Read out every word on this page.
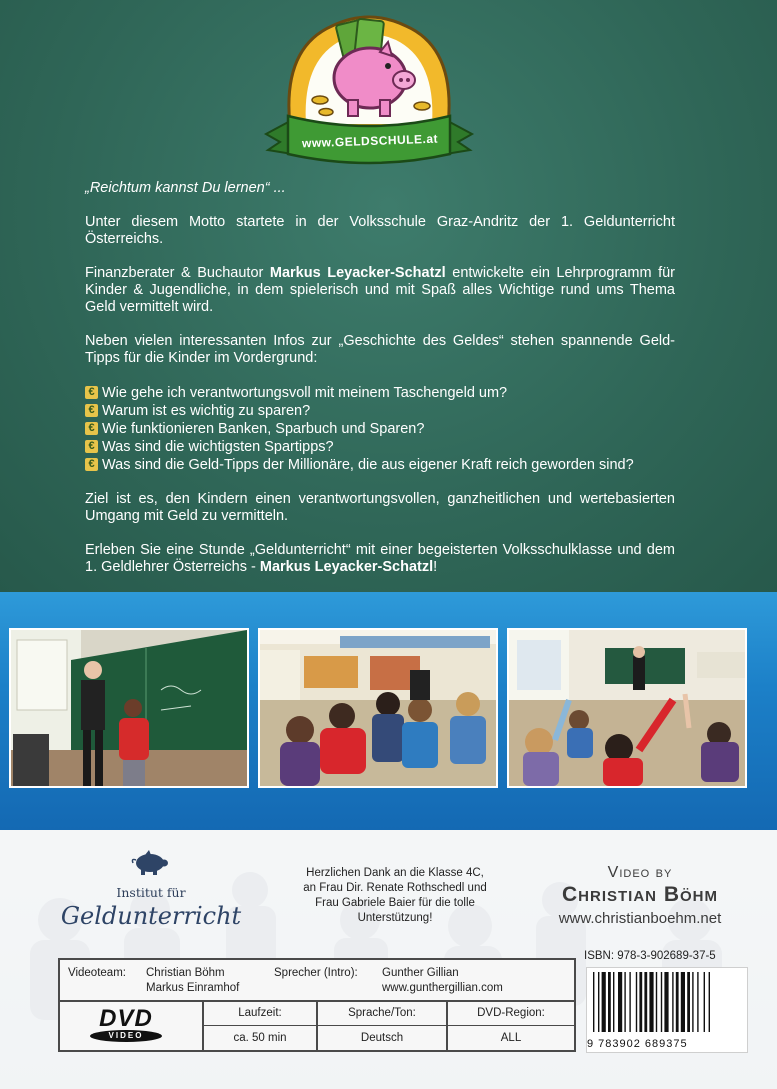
www.GELDSCHULE.at

„Reichtum kannst Du lernen“ ...

Unter diesem Motto startete in der Volksschule Graz-Andritz der 1. Geldunterricht Österreichs.

Finanzberater & Buchautor Markus Leyacker-Schatzl entwickelte ein Lehrprogramm für Kinder & Jugendliche, in dem spielerisch und mit Spaß alles Wichtige rund ums Thema Geld vermittelt wird.

Neben vielen interessanten Infos zur „Geschichte des Geldes“ stehen spannende Geld-Tipps für die Kinder im Vordergrund:

€ Wie gehe ich verantwortungsvoll mit meinem Taschengeld um?
€ Warum ist es wichtig zu sparen?
€ Wie funktionieren Banken, Sparbuch und Sparen?
€ Was sind die wichtigsten Spartipps?
€ Was sind die Geld-Tipps der Millionäre, die aus eigener Kraft reich geworden sind?

Ziel ist es, den Kindern einen verantwortungsvollen, ganzheitlichen und wertebasierten Umgang mit Geld zu vermitteln.

Erleben Sie eine Stunde „Geldunterricht“ mit einer begeisterten Volksschulklasse und dem 1. Geldlehrer Österreichs - Markus Leyacker-Schatzl!

Institut für
Geldunterricht
Herzlichen Dank an die Klasse 4C,
an Frau Dir. Renate Rothschedl und
Frau Gabriele Baier für die tolle
Unterstützung!
Video by
Christian Böhm
www.christianboehm.net
Videoteam: Christian Böhm
Markus Einramhof
Sprecher (Intro): Gunther Gillian
www.gunthergillian.com
DVD
VIDEO
Laufzeit:
ca. 50 min
Sprache/Ton:
Deutsch
DVD-Region:
ALL
ISBN: 978-3-902689-37-5
9 783902 689375
